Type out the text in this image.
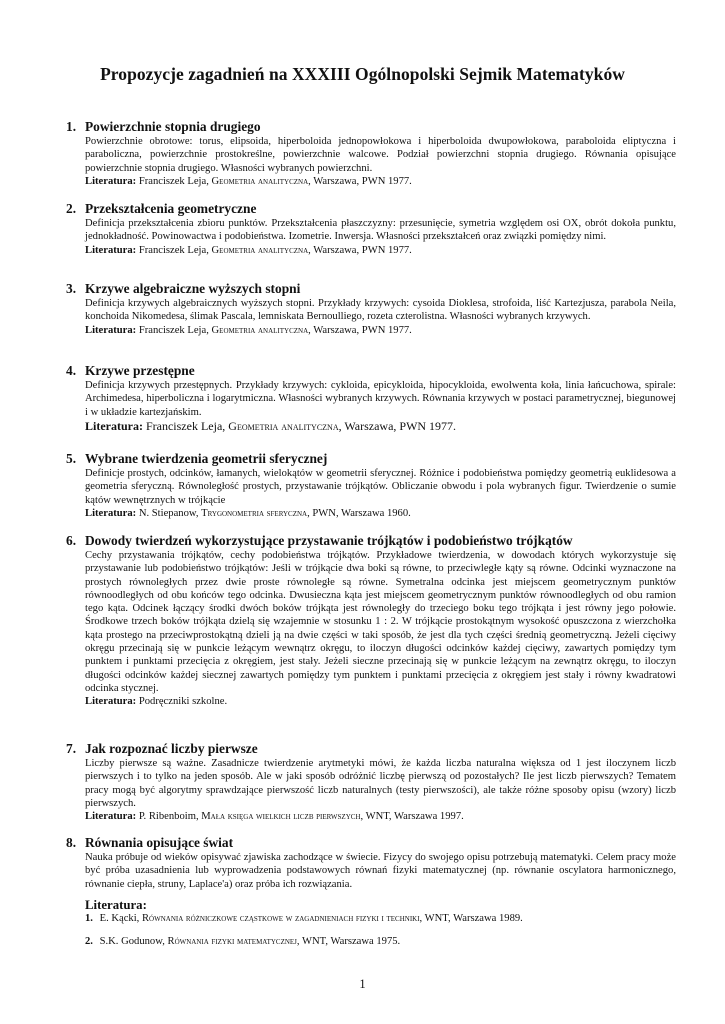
Propozycje zagadnień na XXXIII Ogólnopolski Sejmik Matematyków
1. Powierzchnie stopnia drugiego

Powierzchnie obrotowe: torus, elipsoida, hiperboloida jednopowłokowa i hiperboloida dwupowłokowa, paraboloida eliptyczna i paraboliczna, powierzchnie prostokreślne, powierzchnie walcowe. Podział powierzchni stopnia drugiego. Równania opisujące powierzchnie stopnia drugiego. Własności wybranych powierzchni.

Literatura: Franciszek Leja, Geometria analityczna, Warszawa, PWN 1977.
2. Przekształcenia geometryczne

Definicja przekształcenia zbioru punktów. Przekształcenia płaszczyzny: przesunięcie, symetria względem osi OX, obrót dokoła punktu, jednokładność. Powinowactwa i podobieństwa. Izometrie. Inwersja. Własności przekształceń oraz związki pomiędzy nimi.

Literatura: Franciszek Leja, Geometria analityczna, Warszawa, PWN 1977.
3. Krzywe algebraiczne wyższych stopni

Definicja krzywych algebraicznych wyższych stopni. Przykłady krzywych: cysoida Dioklesa, strofoida, liść Kartezjusza, parabola Neila, konchoida Nikomedesa, ślimak Pascala, lemniskata Bernoulliego, rozeta czterolistna. Własności wybranych krzywych.

Literatura: Franciszek Leja, Geometria analityczna, Warszawa, PWN 1977.
4. Krzywe przestępne

Definicja krzywych przestępnych. Przykłady krzywych: cykloida, epicykloida, hipocykloida, ewolwenta koła, linia łańcuchowa, spirale: Archimedesa, hiperboliczna i logarytmiczna. Własności wybranych krzywych. Równania krzywych w postaci parametrycznej, biegunowej i w układzie kartezjańskim.

Literatura: Franciszek Leja, Geometria analityczna, Warszawa, PWN 1977.
5. Wybrane twierdzenia geometrii sferycznej

Definicje prostych, odcinków, łamanych, wielokątów w geometrii sferycznej. Różnice i podobieństwa pomiędzy geometrią euklidesowa a geometria sferyczną. Równoległość prostych, przystawanie trójkątów. Obliczanie obwodu i pola wybranych figur. Twierdzenie o sumie kątów wewnętrznych w trójkącie

Literatura: N. Stiepanow, Trygonometria sferyczna, PWN, Warszawa 1960.
6. Dowody twierdzeń wykorzystujące przystawanie trójkątów i podobieństwo trójkątów

Cechy przystawania trójkątów, cechy podobieństwa trójkątów. Przykładowe twierdzenia, w dowodach których wykorzystuje się przystawanie lub podobieństwo trójkątów: Jeśli w trójkącie dwa boki są równe, to przeciwległe kąty są równe. Odcinki wyznaczone na prostych równoległych przez dwie proste równoległe są równe. Symetralna odcinka jest miejscem geometrycznym punktów równoodległych od obu końców tego odcinka. Dwusieczna kąta jest miejscem geometrycznym punktów równoodległych od obu ramion tego kąta. Odcinek łączący środki dwóch boków trójkąta jest równoległy do trzeciego boku tego trójkąta i jest równy jego połowie. Środkowe trzech boków trójkąta dzielą się wzajemnie w stosunku 1 : 2. W trójkącie prostokątnym wysokość opuszczona z wierzchołka kąta prostego na przeciwprostokątną dzieli ją na dwie części w taki sposób, że jest dla tych części średnią geometryczną. Jeżeli cięciwy okręgu przecinają się w punkcie leżącym wewnątrz okręgu, to iloczyn długości odcinków każdej cięciwy, zawartych pomiędzy tym punktem i punktami przecięcia z okręgiem, jest stały. Jeżeli sieczne przecinają się w punkcie leżącym na zewnątrz okręgu, to iloczyn długości odcinków każdej siecznej zawartych pomiędzy tym punktem i punktami przecięcia z okręgiem jest stały i równy kwadratowi odcinka stycznej.

Literatura: Podręczniki szkolne.
7. Jak rozpoznać liczby pierwsze

Liczby pierwsze są ważne. Zasadnicze twierdzenie arytmetyki mówi, że każda liczba naturalna większa od 1 jest iloczynem liczb pierwszych i to tylko na jeden sposób. Ale w jaki sposób odróżnić liczbę pierwszą od pozostałych? Ile jest liczb pierwszych? Tematem pracy mogą być algorytmy sprawdzające pierwszość liczb naturalnych (testy pierwszości), ale także różne sposoby opisu (wzory) liczb pierwszych.

Literatura: P. Ribenboim, Mała księga wielkich liczb pierwszych, WNT, Warszawa 1997.
8. Równania opisujące świat

Nauka próbuje od wieków opisywać zjawiska zachodzące w świecie. Fizycy do swojego opisu potrzebują matematyki. Celem pracy może być próba uzasadnienia lub wyprowadzenia podstawowych równań fizyki matematycznej (np. równanie oscylatora harmonicznego, równanie ciepła, struny, Laplace'a) oraz próba ich rozwiązania.

Literatura:
1. E. Kącki, Równania różniczkowe cząstkowe w zagadnieniach fizyki i techniki, WNT, Warszawa 1989.
2. S.K. Godunow, Równania fizyki matematycznej, WNT, Warszawa 1975.
1
